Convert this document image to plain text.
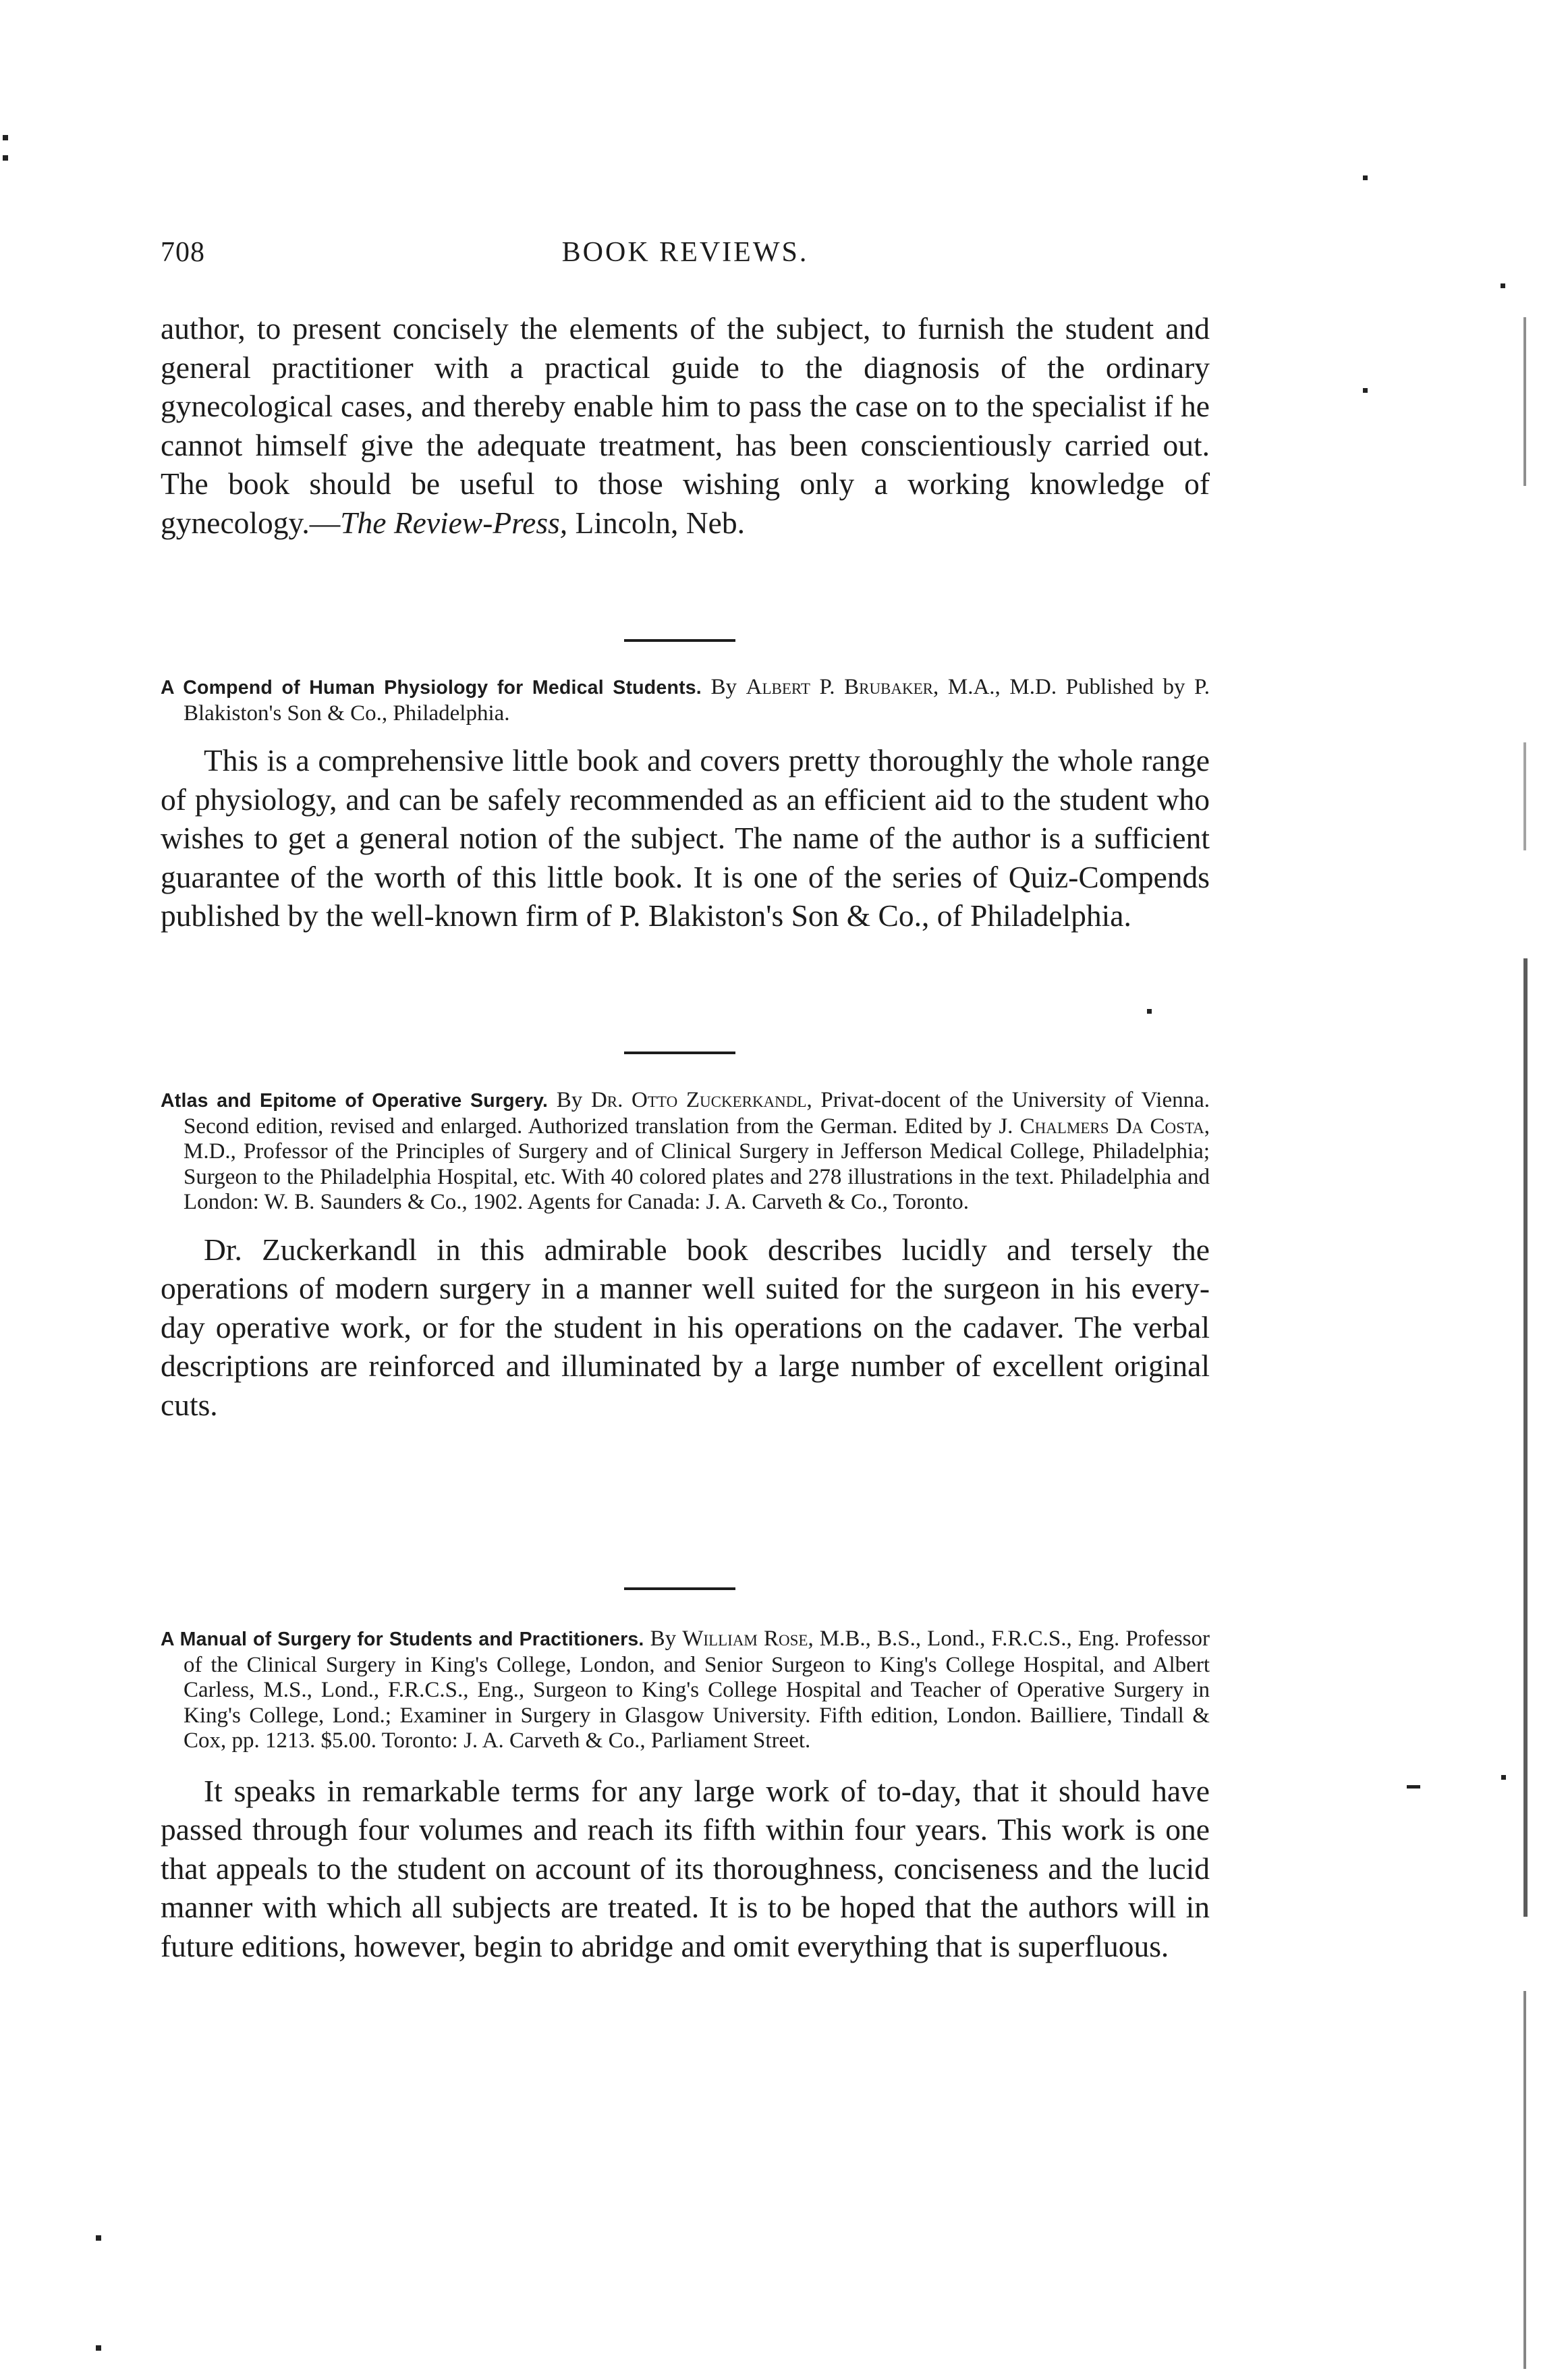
708	BOOK REVIEWS.

author, to present concisely the elements of the subject, to furnish the student and general practitioner with a practical guide to the diagnosis of the ordinary gynecological cases, and thereby enable him to pass the case on to the specialist if he cannot himself give the adequate treatment, has been conscientiously carried out. The book should be useful to those wishing only a working knowledge of gynecology.—The Review-Press, Lincoln, Neb.

A Compend of Human Physiology for Medical Students. By Albert P. Brubaker, M.A., M.D. Published by P. Blakiston's Son & Co., Philadelphia.

This is a comprehensive little book and covers pretty thoroughly the whole range of physiology, and can be safely recommended as an efficient aid to the student who wishes to get a general notion of the subject. The name of the author is a sufficient guarantee of the worth of this little book. It is one of the series of Quiz-Compends published by the well-known firm of P. Blakiston's Son & Co., of Philadelphia.

Atlas and Epitome of Operative Surgery. By Dr. Otto Zuckerkandl, Privat-docent of the University of Vienna. Second edition, revised and enlarged. Authorized translation from the German. Edited by J. Chalmers Da Costa, M.D., Professor of the Principles of Surgery and of Clinical Surgery in Jefferson Medical College, Philadelphia; Surgeon to the Philadelphia Hospital, etc. With 40 colored plates and 278 illustrations in the text. Philadelphia and London: W. B. Saunders & Co., 1902. Agents for Canada: J. A. Carveth & Co., Toronto.

Dr. Zuckerkandl in this admirable book describes lucidly and tersely the operations of modern surgery in a manner well suited for the surgeon in his every-day operative work, or for the student in his operations on the cadaver. The verbal descriptions are reinforced and illuminated by a large number of excellent original cuts.

A Manual of Surgery for Students and Practitioners. By William Rose, M.B., B.S., Lond., F.R.C.S., Eng. Professor of the Clinical Surgery in King's College, London, and Senior Surgeon to King's College Hospital, and Albert Carless, M.S., Lond., F.R.C.S., Eng., Surgeon to King's College Hospital and Teacher of Operative Surgery in King's College, Lond.; Examiner in Surgery in Glasgow University. Fifth edition, London. Bailliere, Tindall & Cox, pp. 1213. $5.00. Toronto: J. A. Carveth & Co., Parliament Street.

It speaks in remarkable terms for any large work of to-day, that it should have passed through four volumes and reach its fifth within four years. This work is one that appeals to the student on account of its thoroughness, conciseness and the lucid manner with which all subjects are treated. It is to be hoped that the authors will in future editions, however, begin to abridge and omit everything that is superfluous.
